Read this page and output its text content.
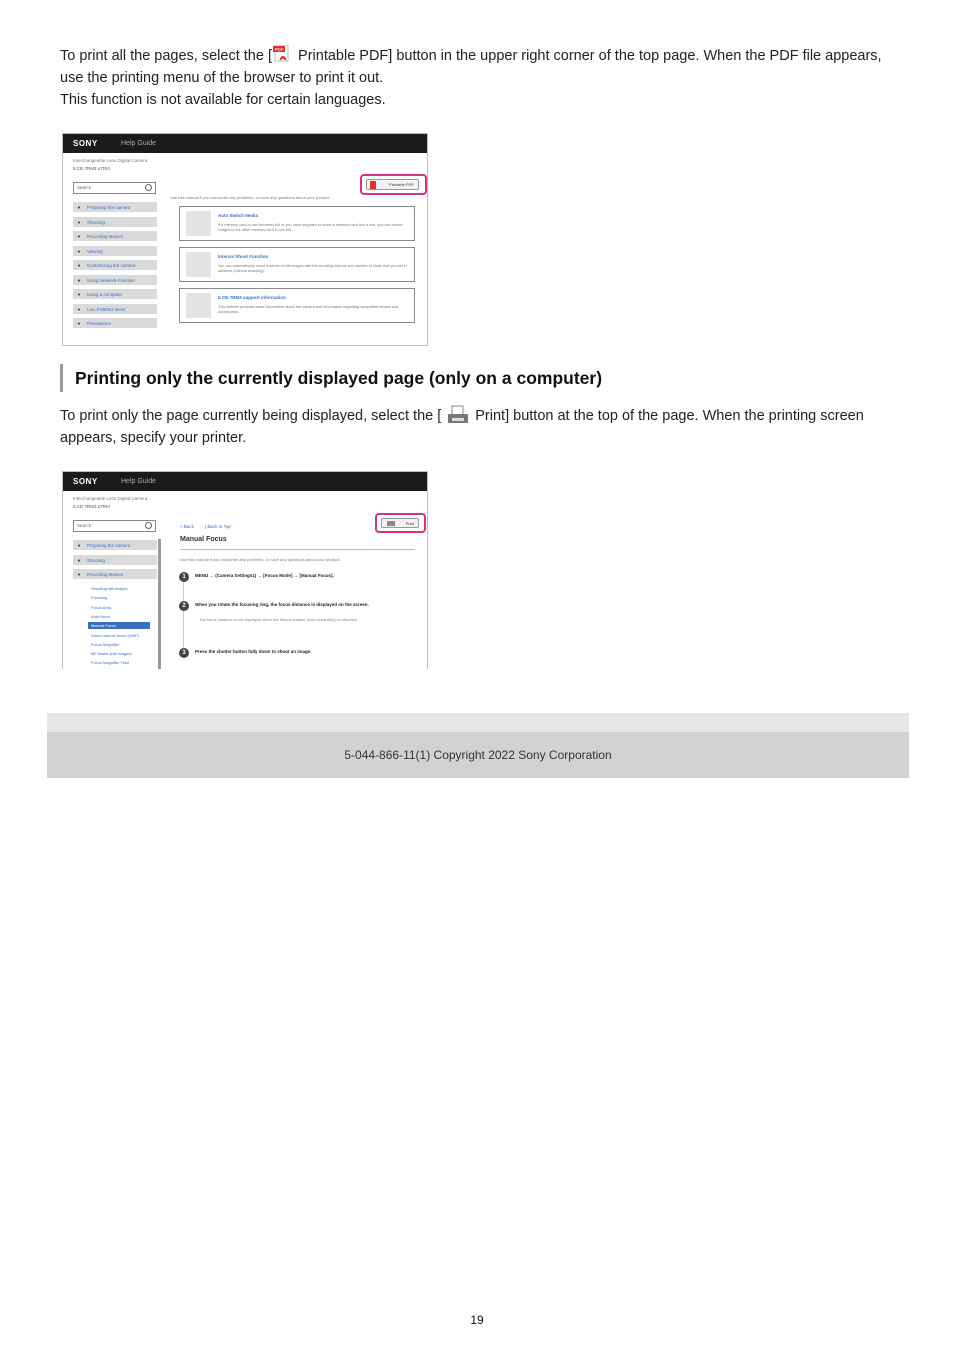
To print all the pages, select the [ PDF Printable PDF] button in the upper right corner of the top page. When the PDF file appears, use the printing menu of the browser to print it out.
This function is not available for certain languages.

SONY	Help Guide
Interchangeable Lens Digital Camera
ILCE-7RM3 α7RIII
Search
▼ Preparing the camera
▼ Shooting
▼ Recording Movies
▼ Viewing
▼ Customizing the camera
▼ Using Network Function
▼ Using a computer
▼ List of MENU items
▼ Precautions
Printable PDF
Use this manual if you encounter any problems, or have any questions about your product.
Auto Switch Media
If a memory card in use becomes full or you have forgotten to insert a memory card into a slot, you can record images to the other memory card in use full.
Interval Shoot Function
You can automatically shoot a series of still images with the shooting interval and number of shots that you set in advance (interval shooting).
ILCE-7RM3 support information
This website provides basic information about the camera and information regarding compatible lenses and accessories.
Printing only the currently displayed page (only on a computer)

To print only the page currently being displayed, select the [ Print] button at the top of the page. When the printing screen appears, specify your printer.

SONY	Help Guide
Interchangeable Lens Digital Camera
ILCE-7RM3 α7RIII
Search
▼ Preparing the camera
▼ Shooting
▼ Recording Movies
Shooting still images
Focusing
Focus Area
Auto focus
Manual Focus
Direct manual focus (DMF)
Focus Magnifier
MF Assist (still images)
Focus Magnifier Time
< Back | Back to Top
Print
Manual Focus
Use this manual if you encounter any problems, or have any questions about your product.
1	MENU → (Camera Settings1) → [Focus Mode] → [Manual Focus].
2	When you rotate the focusing ring, the focus distance is displayed on the screen.
The focus distance is not displayed when the Mount Adaptor (sold separately) is attached.
3	Press the shutter button fully down to shoot an image.
5-044-866-11(1) Copyright 2022 Sony Corporation
19
